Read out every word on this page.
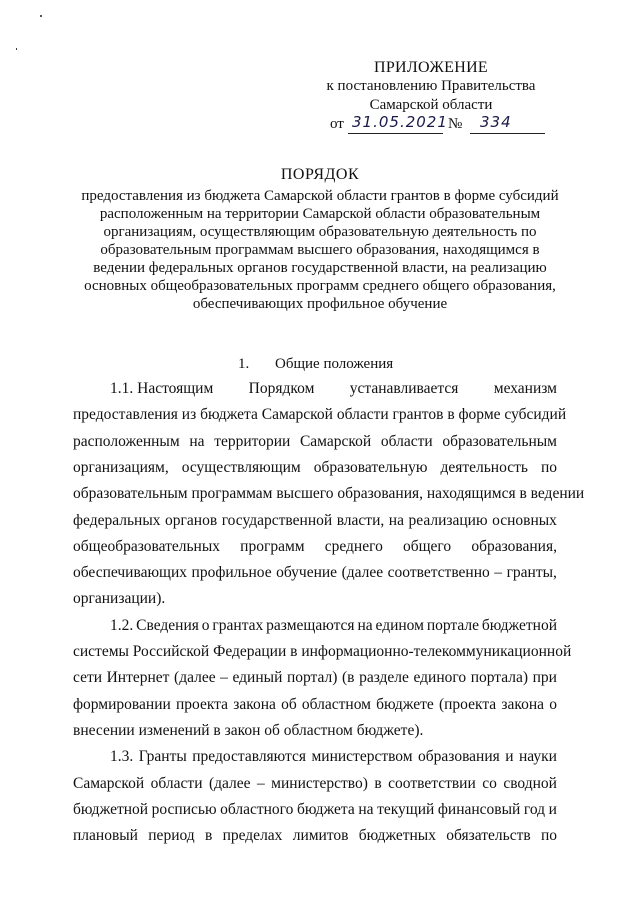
ПРИЛОЖЕНИЕ
к постановлению Правительства
Самарской области
от 31.05.2021 № 334
ПОРЯДОК
предоставления из бюджета Самарской области грантов в форме субсидий
расположенным на территории Самарской области образовательным
организациям, осуществляющим образовательную деятельность по
образовательным программам высшего образования, находящимся в
ведении федеральных органов государственной власти, на реализацию
основных общеобразовательных программ среднего общего образования,
обеспечивающих профильное обучение
1. Общие положения
1.1. Настоящим Порядком устанавливается механизм
предоставления из бюджета Самарской области грантов в форме субсидий
расположенным на территории Самарской области образовательным
организациям, осуществляющим образовательную деятельность по
образовательным программам высшего образования, находящимся в ведении
федеральных органов государственной власти, на реализацию основных
общеобразовательных программ среднего общего образования,
обеспечивающих профильное обучение (далее соответственно – гранты,
организации).
1.2. Сведения о грантах размещаются на едином портале бюджетной
системы Российской Федерации в информационно-телекоммуникационной
сети Интернет (далее – единый портал) (в разделе единого портала) при
формировании проекта закона об областном бюджете (проекта закона о
внесении изменений в закон об областном бюджете).
1.3. Гранты предоставляются министерством образования и науки
Самарской области (далее – министерство) в соответствии со сводной
бюджетной росписью областного бюджета на текущий финансовый год и
плановый период в пределах лимитов бюджетных обязательств по
